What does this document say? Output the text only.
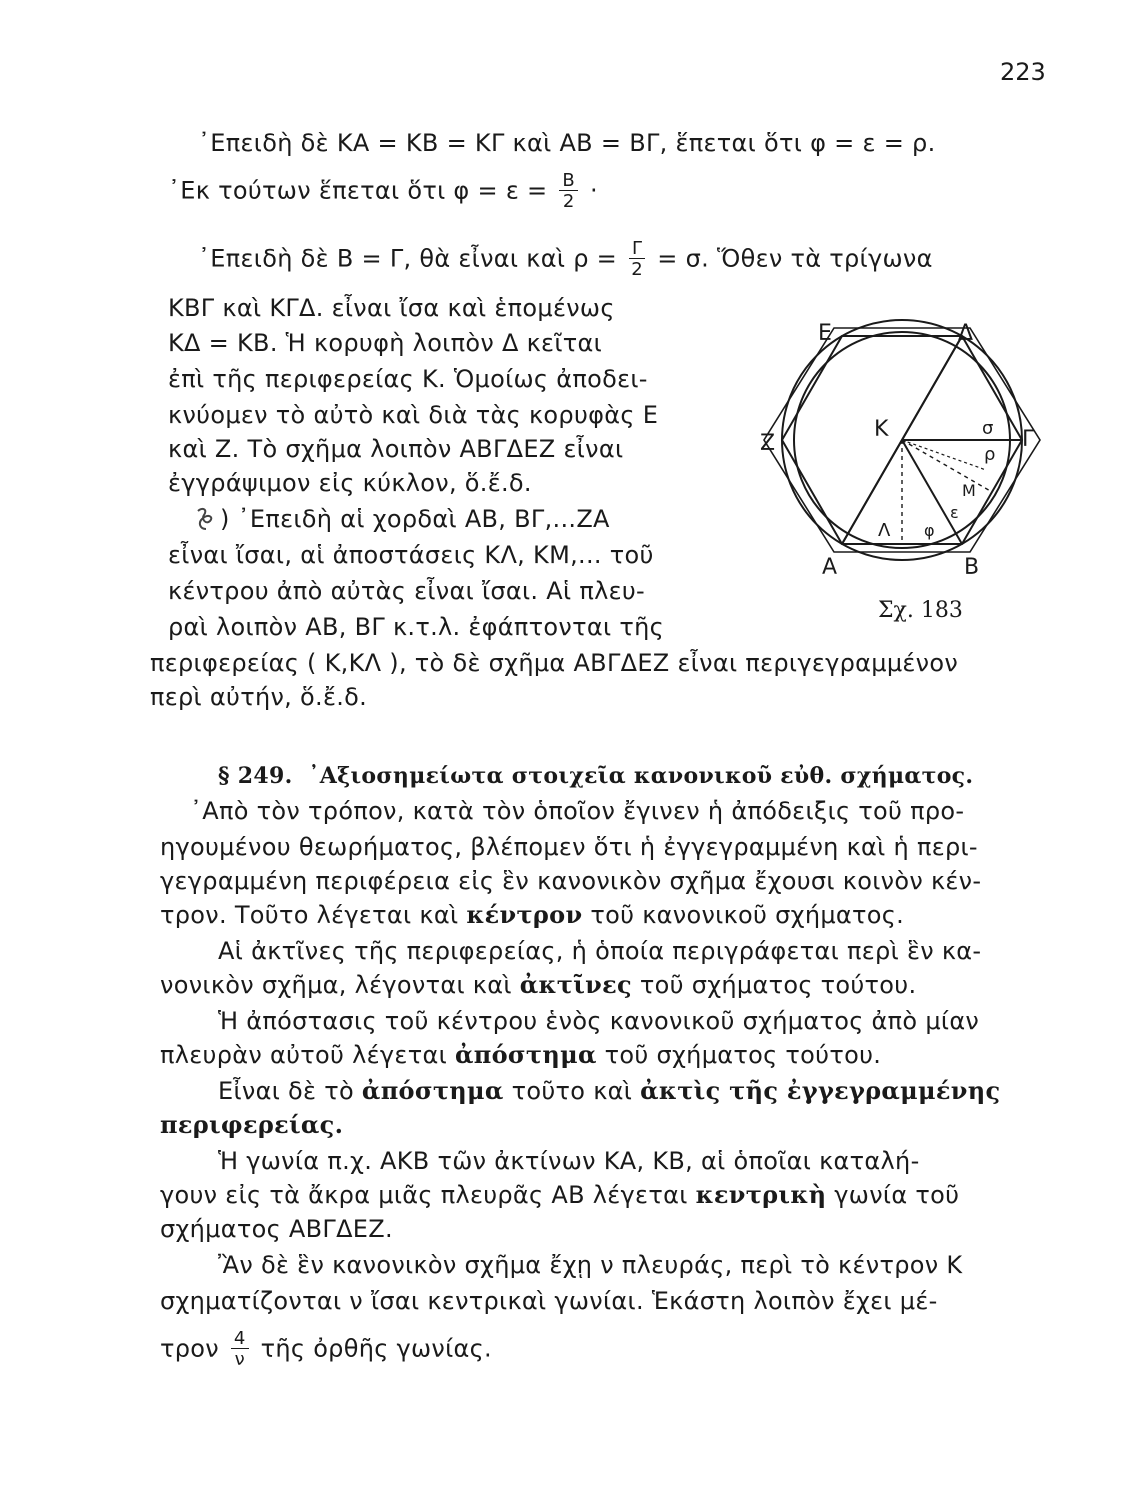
223
᾽Επειδὴ δὲ ΚΑ = ΚΒ = ΚΓ καὶ ΑΒ = ΒΓ, ἕπεται ὅτι φ = ε = ρ.
᾽Εκ τούτων ἕπεται ὅτι $\varphi = \varepsilon = \frac{B}{2}$ ·
᾽Επειδὴ δὲ Β = Γ, θὰ εἶναι καὶ $\rho = \frac{\Gamma}{2} = \sigma$. Ὅθεν τὰ τρίγωνα
ΚΒΓ καὶ ΚΓΔ. εἶναι ἴσα καὶ ἑπομένως
ΚΔ = ΚΒ. Ἡ κορυφὴ λοιπὸν Δ κεῖται
ἐπὶ τῆς περιφερείας Κ. Ὁμοίως ἀποδει-
κνύομεν τὸ αὐτὸ καὶ διὰ τὰς κορυφὰς Ε
καὶ Ζ. Τὸ σχῆμα λοιπὸν ΑΒΓΔΕΖ εἶναι
ἐγγράψιμον εἰς κύκλον, ὅ.ἔ.δ.
) ᾽Επειδὴ αἱ χορδαὶ ΑΒ, ΒΓ,...ΖΑ
εἶναι ἴσαι, αἱ ἀποστάσεις ΚΛ, ΚΜ,... τοῦ
κέντρου ἀπὸ αὐτὰς εἶναι ἴσαι. Αἱ πλευ-
ραὶ λοιπὸν ΑΒ, ΒΓ κ.τ.λ. ἐφάπτονται τῆς
περιφερείας ( Κ,ΚΛ ), τὸ δὲ σχῆμα ΑΒΓΔΕΖ εἶναι περιγεγραμμένον
περὶ αὐτήν, ὅ.ἔ.δ.
Ε	Δ
Ζ	Γ
Α	Β
Κ	σ
ρ
Μ
ε
φ
Λ
Σχ. 183
§ 249. ᾽Αξιοσημείωτα στοιχεῖα κανονικοῦ εὐθ. σχήματος.
᾽Απὸ τὸν τρόπον, κατὰ τὸν ὁποῖον ἔγινεν ἡ ἀπόδειξις τοῦ προ-
ηγουμένου θεωρήματος, βλέπομεν ὅτι ἡ ἐγγεγραμμένη καὶ ἡ περι-
γεγραμμένη περιφέρεια εἰς ἓν κανονικὸν σχῆμα ἔχουσι κοινὸν κέν-
τρον. Τοῦτο λέγεται καὶ κέντρον τοῦ κανονικοῦ σχήματος.
Αἱ ἀκτῖνες τῆς περιφερείας, ἡ ὁποία περιγράφεται περὶ ἓν κα-
νονικὸν σχῆμα, λέγονται καὶ ἀκτῖνες τοῦ σχήματος τούτου.
Ἡ ἀπόστασις τοῦ κέντρου ἑνὸς κανονικοῦ σχήματος ἀπὸ μίαν
πλευρὰν αὐτοῦ λέγεται ἀπόστημα τοῦ σχήματος τούτου.
Εἶναι δὲ τὸ ἀπόστημα τοῦτο καὶ ἀκτὶς τῆς ἐγγεγραμμένης
περιφερείας.
Ἡ γωνία π.χ. ΑΚΒ τῶν ἀκτίνων ΚΑ, ΚΒ, αἱ ὁποῖαι καταλή-
γουν εἰς τὰ ἄκρα μιᾶς πλευρᾶς ΑΒ λέγεται κεντρικὴ γωνία τοῦ
σχήματος ΑΒΓΔΕΖ.
Ἂν δὲ ἓν κανονικὸν σχῆμα ἔχῃ ν πλευράς, περὶ τὸ κέντρον Κ
σχηματίζονται ν ἴσαι κεντρικαὶ γωνίαι. Ἑκάστη λοιπὸν ἔχει μέ-
τρον $\frac{4}{\nu}$ τῆς ὀρθῆς γωνίας.
